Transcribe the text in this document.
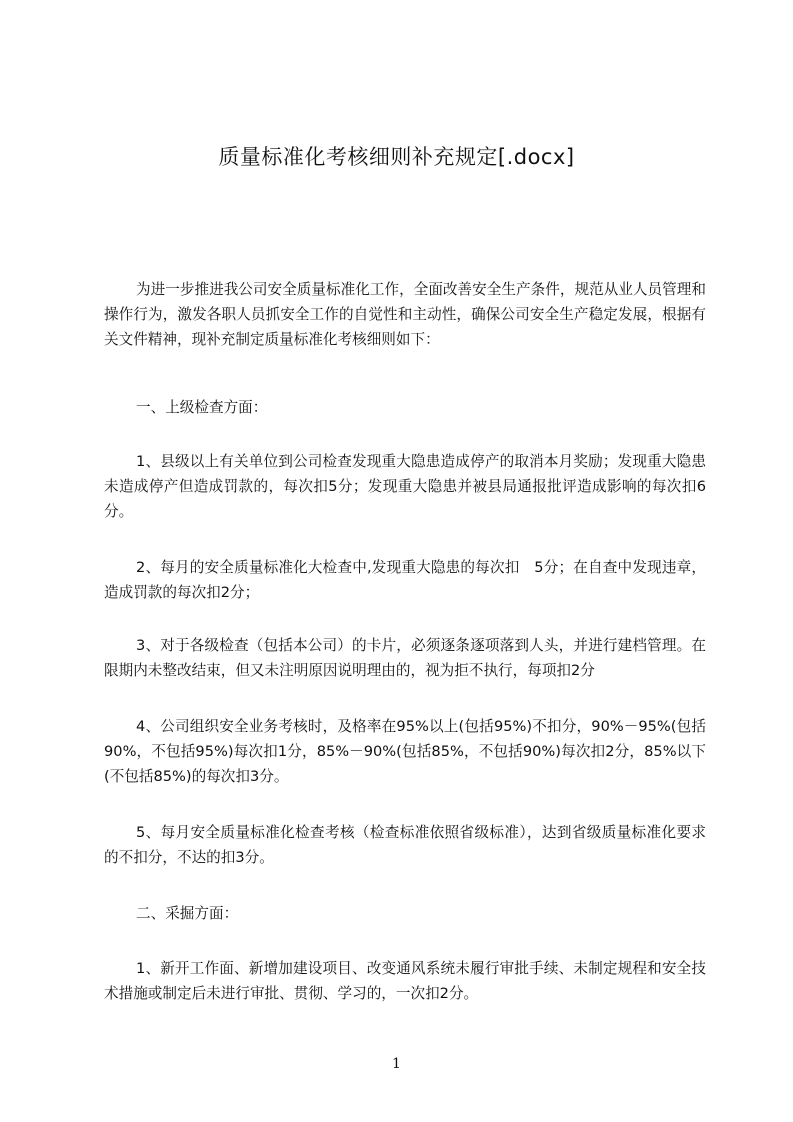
质量标准化考核细则补充规定[.docx]

为进一步推进我公司安全质量标准化工作，全面改善安全生产条件，规范从业人员管理和操作行为，激发各职人员抓安全工作的自觉性和主动性，确保公司安全生产稳定发展，根据有关文件精神，现补充制定质量标准化考核细则如下：

一、上级检查方面：

1、县级以上有关单位到公司检查发现重大隐患造成停产的取消本月奖励；发现重大隐患未造成停产但造成罚款的，每次扣5分；发现重大隐患并被县局通报批评造成影响的每次扣6分。

2、每月的安全质量标准化大检查中,发现重大隐患的每次扣　5分；在自查中发现违章，造成罚款的每次扣2分；

3、对于各级检查（包括本公司）的卡片，必须逐条逐项落到人头，并进行建档管理。在限期内未整改结束，但又未注明原因说明理由的，视为拒不执行，每项扣2分

4、公司组织安全业务考核时，及格率在95%以上(包括95%)不扣分，90%－95%(包括90%，不包括95%)每次扣1分，85%－90%(包括85%，不包括90%)每次扣2分，85%以下(不包括85%)的每次扣3分。

5、每月安全质量标准化检查考核（检查标准依照省级标准），达到省级质量标准化要求的不扣分，不达的扣3分。

二、采掘方面：

1、新开工作面、新增加建设项目、改变通风系统未履行审批手续、未制定规程和安全技术措施或制定后未进行审批、贯彻、学习的，一次扣2分。

1
